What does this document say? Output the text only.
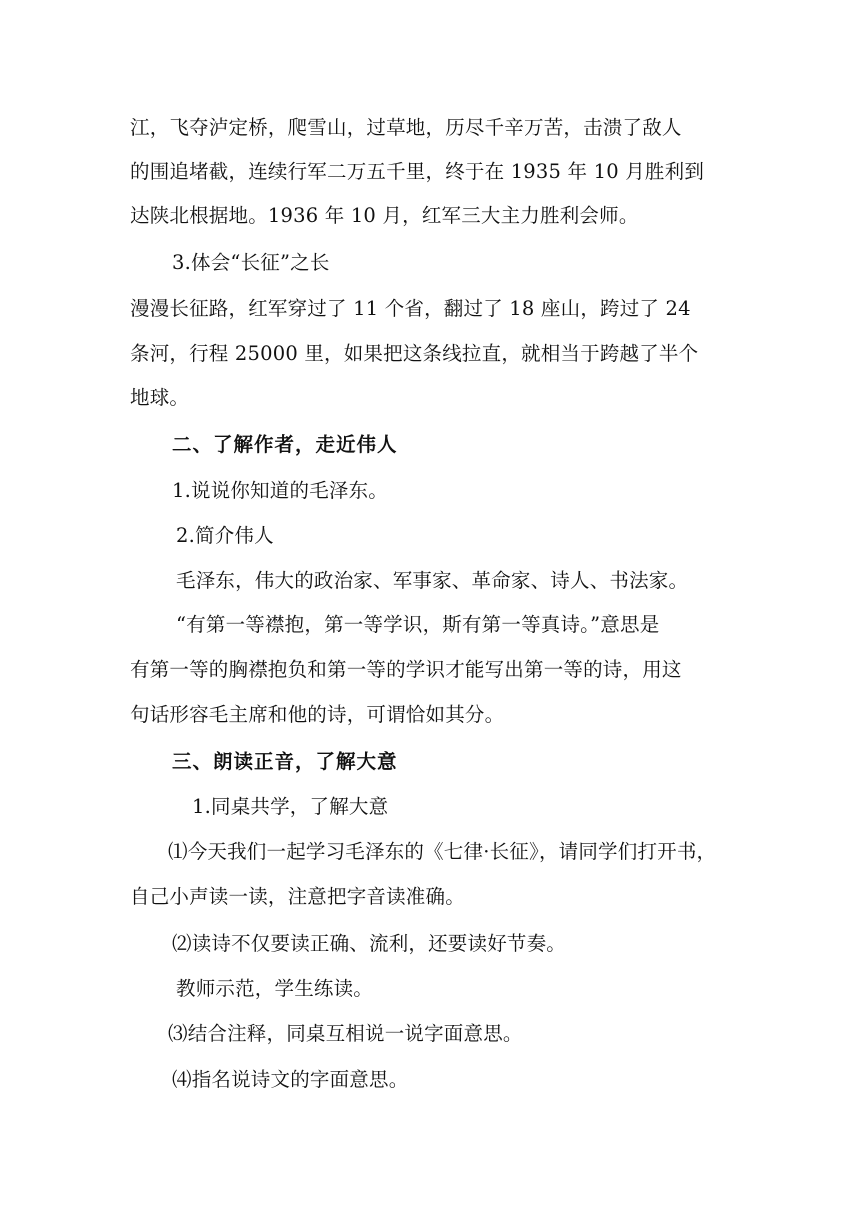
江，飞夺泸定桥，爬雪山，过草地，历尽千辛万苦，击溃了敌人
的围追堵截，连续行军二万五千里，终于在 1935 年 10 月胜利到
达陕北根据地。1936 年 10 月，红军三大主力胜利会师。
3.体会“长征”之长
漫漫长征路，红军穿过了 11 个省，翻过了 18 座山，跨过了 24
条河，行程 25000 里，如果把这条线拉直，就相当于跨越了半个
地球。
二、了解作者，走近伟人
1.说说你知道的毛泽东。
2.简介伟人
毛泽东，伟大的政治家、军事家、革命家、诗人、书法家。
“有第一等襟抱，第一等学识，斯有第一等真诗。”意思是
有第一等的胸襟抱负和第一等的学识才能写出第一等的诗，用这
句话形容毛主席和他的诗，可谓恰如其分。
三、朗读正音，了解大意
1.同桌共学，了解大意
⑴今天我们一起学习毛泽东的《七律·长征》，请同学们打开书，
自己小声读一读，注意把字音读准确。
⑵读诗不仅要读正确、流利，还要读好节奏。
教师示范，学生练读。
⑶结合注释，同桌互相说一说字面意思。
⑷指名说诗文的字面意思。
